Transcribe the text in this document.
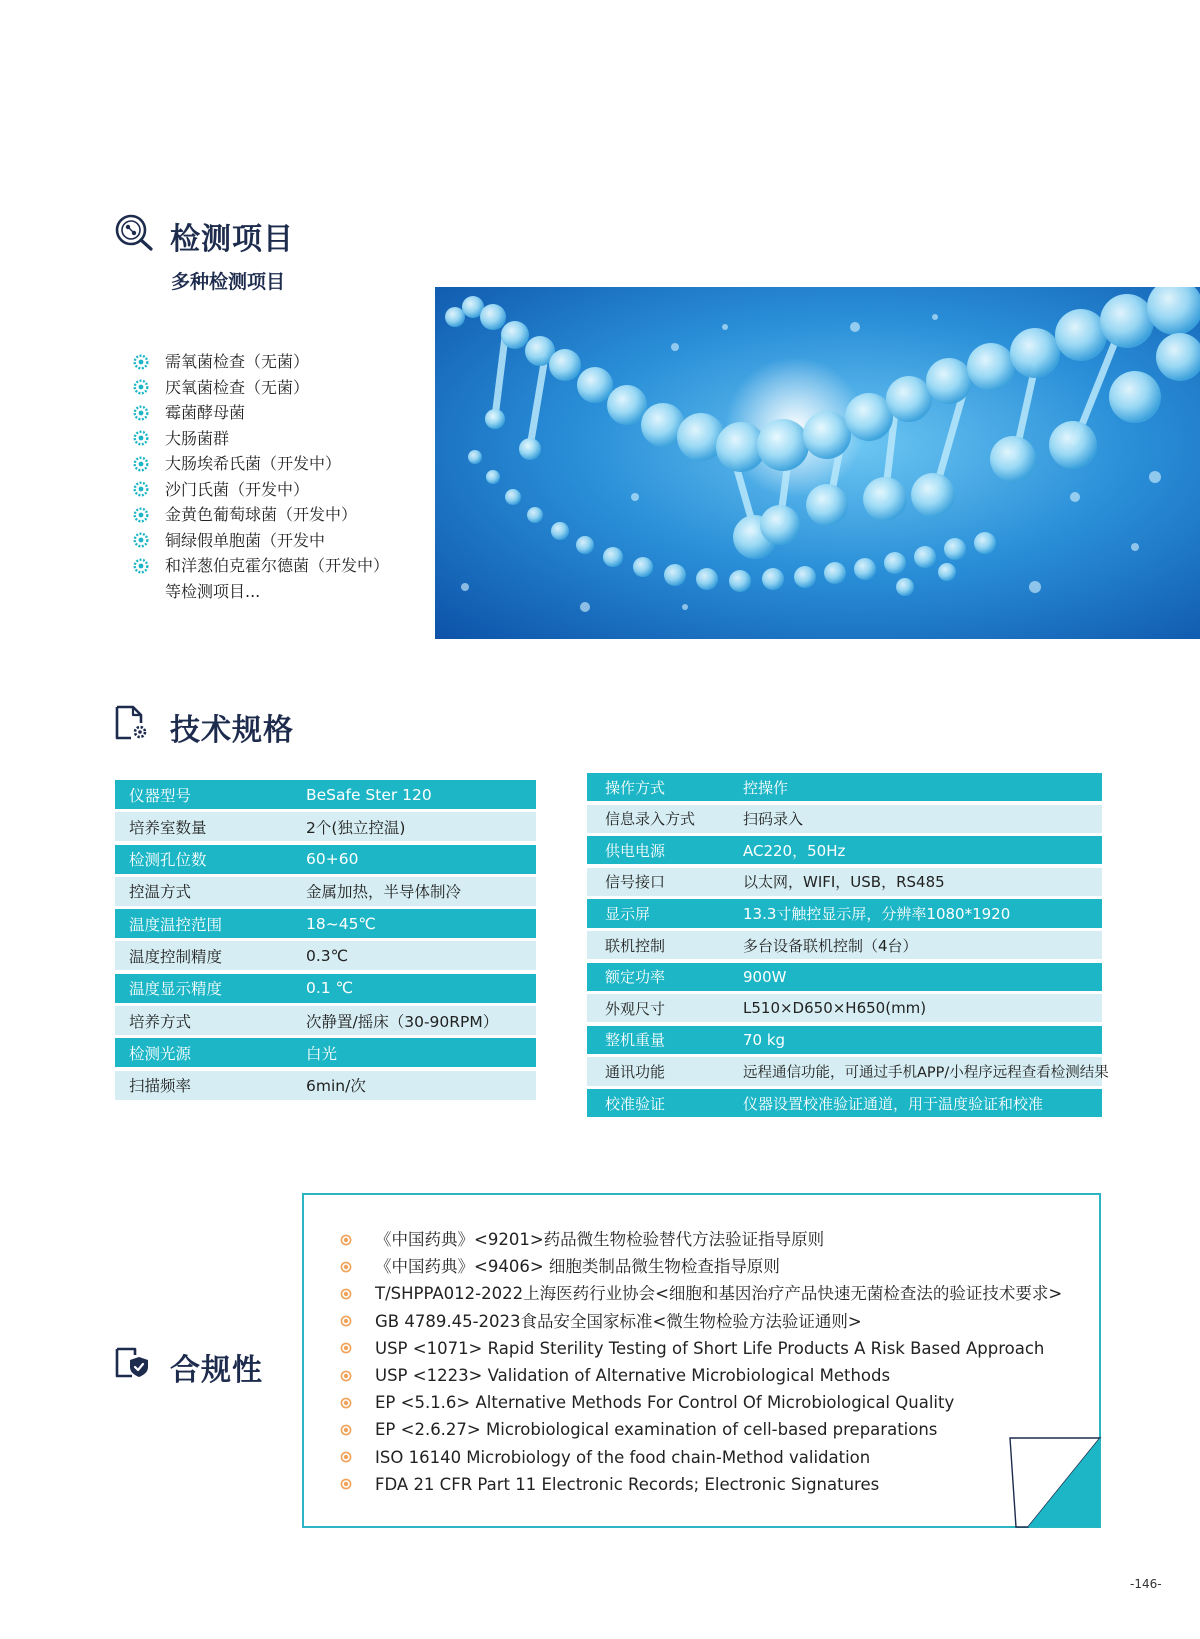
检测项目
多种检测项目
需氧菌检查（无菌）
厌氧菌检查（无菌）
霉菌酵母菌
大肠菌群
大肠埃希氏菌（开发中）
沙门氏菌（开发中）
金黄色葡萄球菌（开发中）
铜绿假单胞菌（开发中
和洋葱伯克霍尔德菌（开发中）
等检测项目...
技术规格
仪器型号	BeSafe Ster 120
培养室数量	2个(独立控温)
检测孔位数	60+60
控温方式	金属加热，半导体制冷
温度温控范围	18~45℃
温度控制精度	0.3℃
温度显示精度	0.1 ℃
培养方式	次静置/摇床（30-90RPM）
检测光源	白光
扫描频率	6min/次
操作方式	控操作
信息录入方式	扫码录入
供电电源	AC220，50Hz
信号接口	以太网，WIFI，USB，RS485
显示屏	13.3寸触控显示屏，分辨率1080*1920
联机控制	多台设备联机控制（4台）
额定功率	900W
外观尺寸	L510×D650×H650(mm)
整机重量	70 kg
通讯功能	远程通信功能，可通过手机APP/小程序远程查看检测结果
校准验证	仪器设置校准验证通道，用于温度验证和校准
合规性
《中国药典》<9201>药品微生物检验替代方法验证指导原则
《中国药典》<9406> 细胞类制品微生物检查指导原则
T/SHPPA012-2022上海医药行业协会<细胞和基因治疗产品快速无菌检查法的验证技术要求>
GB 4789.45-2023食品安全国家标准<微生物检验方法验证通则>
USP <1071> Rapid Sterility Testing of Short Life Products A Risk Based Approach
USP <1223> Validation of Alternative Microbiological Methods
EP <5.1.6> Alternative Methods For Control Of Microbiological Quality
EP <2.6.27> Microbiological examination of cell-based preparations
ISO 16140 Microbiology of the food chain-Method validation
FDA 21 CFR Part 11 Electronic Records; Electronic Signatures
-146-
